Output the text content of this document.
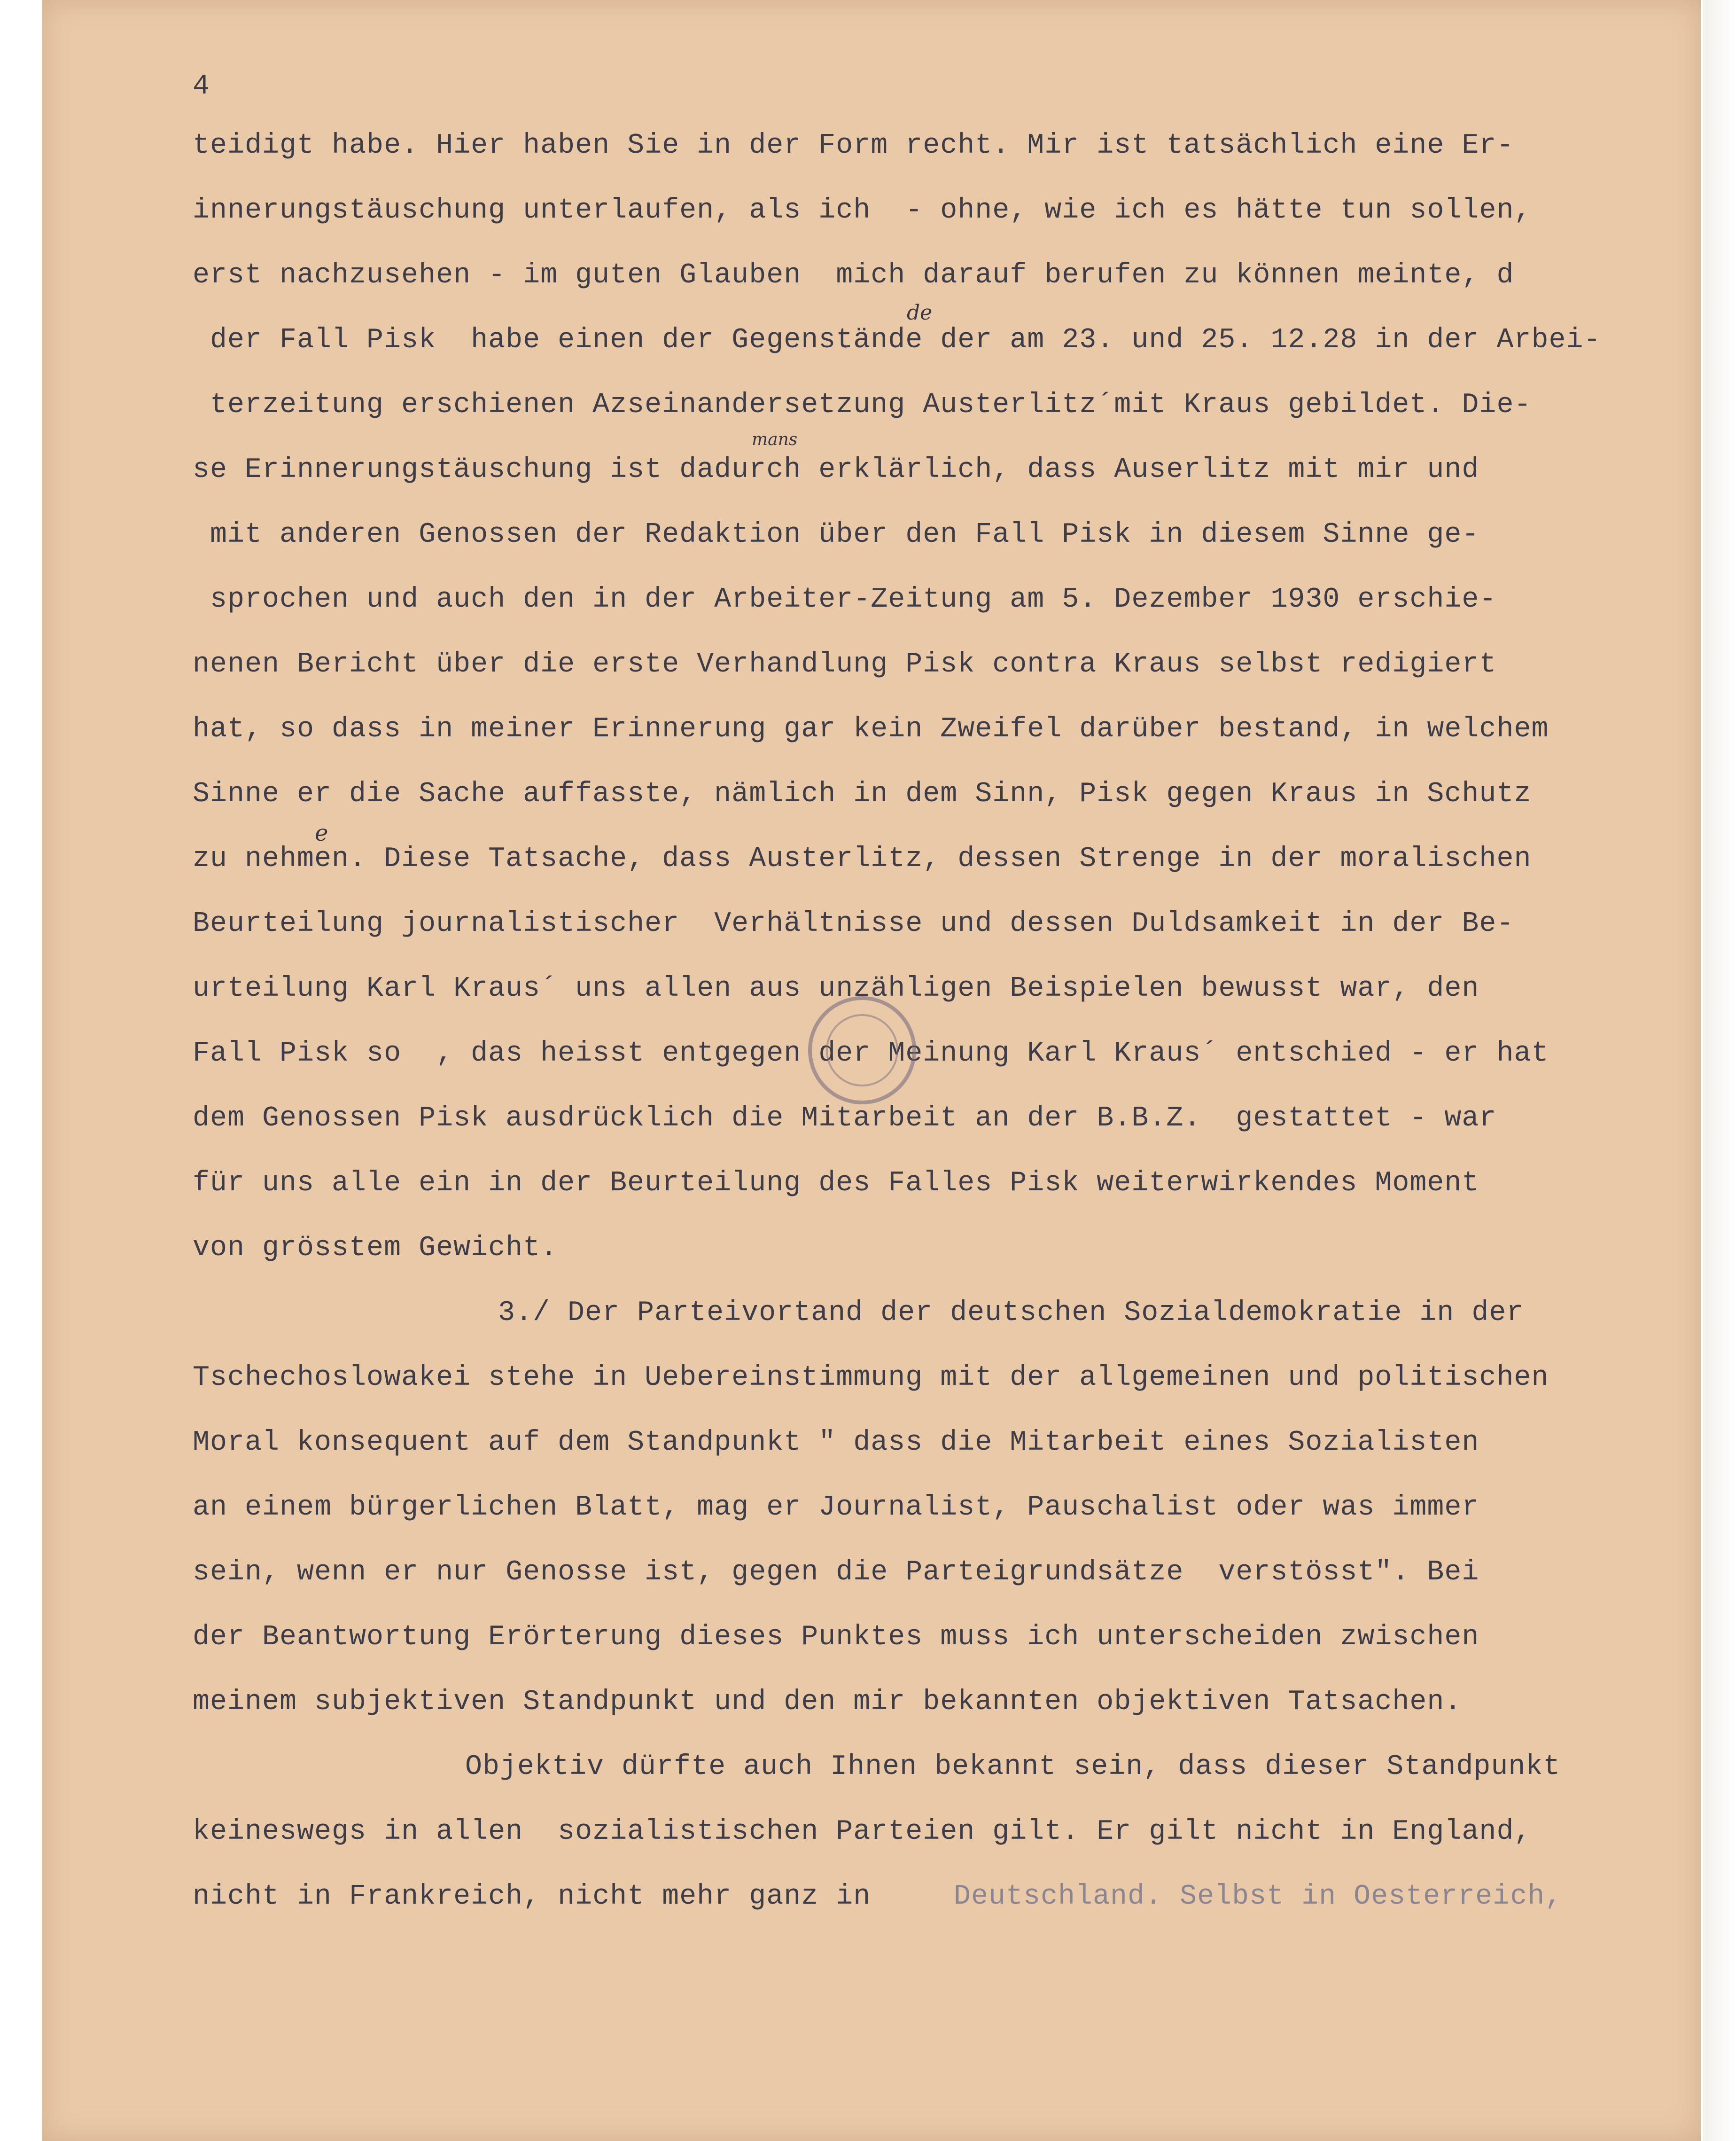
4
teidigt habe. Hier haben Sie in der Form recht. Mir ist tatsächlich eine Er-
innerungstäuschung unterlaufen, als ich  - ohne, wie ich es hätte tun sollen,
erst nachzusehen - im guten Glauben  mich darauf berufen zu können meinte, d
der Fall Pisk  habe einen der Gegenstände der am 23. und 25. 12.28 in der Arbei-
terzeitung erschienen Azseinandersetzung Austerlitz´mit Kraus gebildet. Die-
se Erinnerungstäuschung ist dadurch erklärlich, dass Auserlitz mit mir und
mit anderen Genossen der Redaktion über den Fall Pisk in diesem Sinne ge-
sprochen und auch den in der Arbeiter-Zeitung am 5. Dezember 1930 erschie-
nenen Bericht über die erste Verhandlung Pisk contra Kraus selbst redigiert
hat, so dass in meiner Erinnerung gar kein Zweifel darüber bestand, in welchem
Sinne er die Sache auffasste, nämlich in dem Sinn, Pisk gegen Kraus in Schutz
zu nehmen. Diese Tatsache, dass Austerlitz, dessen Strenge in der moralischen
Beurteilung journalistischer  Verhältnisse und dessen Duldsamkeit in der Be-
urteilung Karl Kraus´ uns allen aus unzähligen Beispielen bewusst war, den
Fall Pisk so  , das heisst entgegen der Meinung Karl Kraus´ entschied - er hat
dem Genossen Pisk ausdrücklich die Mitarbeit an der B.B.Z.  gestattet - war
für uns alle ein in der Beurteilung des Falles Pisk weiterwirkendes Moment
von grösstem Gewicht.
3./ Der Parteivortand der deutschen Sozialdemokratie in der
Tschechoslowakei stehe in Uebereinstimmung mit der allgemeinen und politischen
Moral konsequent auf dem Standpunkt " dass die Mitarbeit eines Sozialisten
an einem bürgerlichen Blatt, mag er Journalist, Pauschalist oder was immer
sein, wenn er nur Genosse ist, gegen die Parteigrundsätze  verstösst". Bei
der Beantwortung Erörterung dieses Punktes muss ich unterscheiden zwischen
meinem subjektiven Standpunkt und den mir bekannten objektiven Tatsachen.
Objektiv dürfte auch Ihnen bekannt sein, dass dieser Standpunkt
keineswegs in allen  sozialistischen Parteien gilt. Er gilt nicht in England,
nicht in Frankreich, nicht mehr ganz in Deutschland. Selbst in Oesterreich,
de
mans
e
